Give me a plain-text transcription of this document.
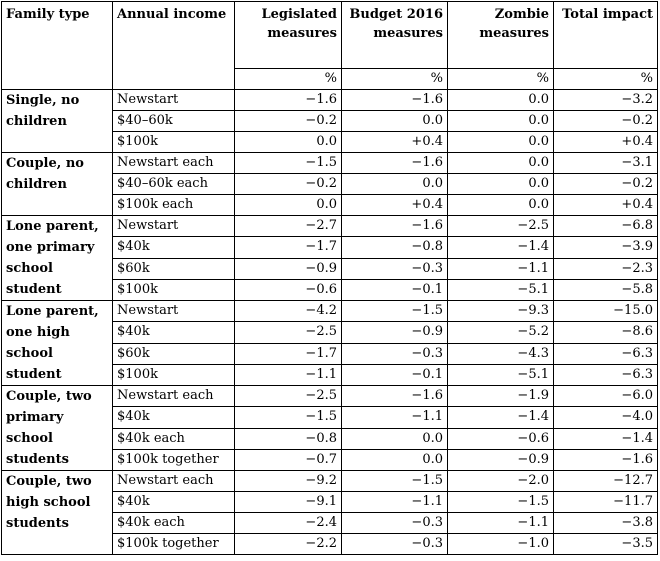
Family type	Annual income	Legislated measures	Budget 2016 measures	Zombie measures	Total impact
		%	%	%	%
Single, no children	Newstart	−1.6	−1.6	0.0	−3.2
	$40–60k	−0.2	0.0	0.0	−0.2
	$100k	0.0	+0.4	0.0	+0.4
Couple, no children	Newstart each	−1.5	−1.6	0.0	−3.1
	$40–60k each	−0.2	0.0	0.0	−0.2
	$100k each	0.0	+0.4	0.0	+0.4
Lone parent, one primary school student	Newstart	−2.7	−1.6	−2.5	−6.8
	$40k	−1.7	−0.8	−1.4	−3.9
	$60k	−0.9	−0.3	−1.1	−2.3
	$100k	−0.6	−0.1	−5.1	−5.8
Lone parent, one high school student	Newstart	−4.2	−1.5	−9.3	−15.0
	$40k	−2.5	−0.9	−5.2	−8.6
	$60k	−1.7	−0.3	−4.3	−6.3
	$100k	−1.1	−0.1	−5.1	−6.3
Couple, two primary school students	Newstart each	−2.5	−1.6	−1.9	−6.0
	$40k	−1.5	−1.1	−1.4	−4.0
	$40k each	−0.8	0.0	−0.6	−1.4
	$100k together	−0.7	0.0	−0.9	−1.6
Couple, two high school students	Newstart each	−9.2	−1.5	−2.0	−12.7
	$40k	−9.1	−1.1	−1.5	−11.7
	$40k each	−2.4	−0.3	−1.1	−3.8
	$100k together	−2.2	−0.3	−1.0	−3.5
